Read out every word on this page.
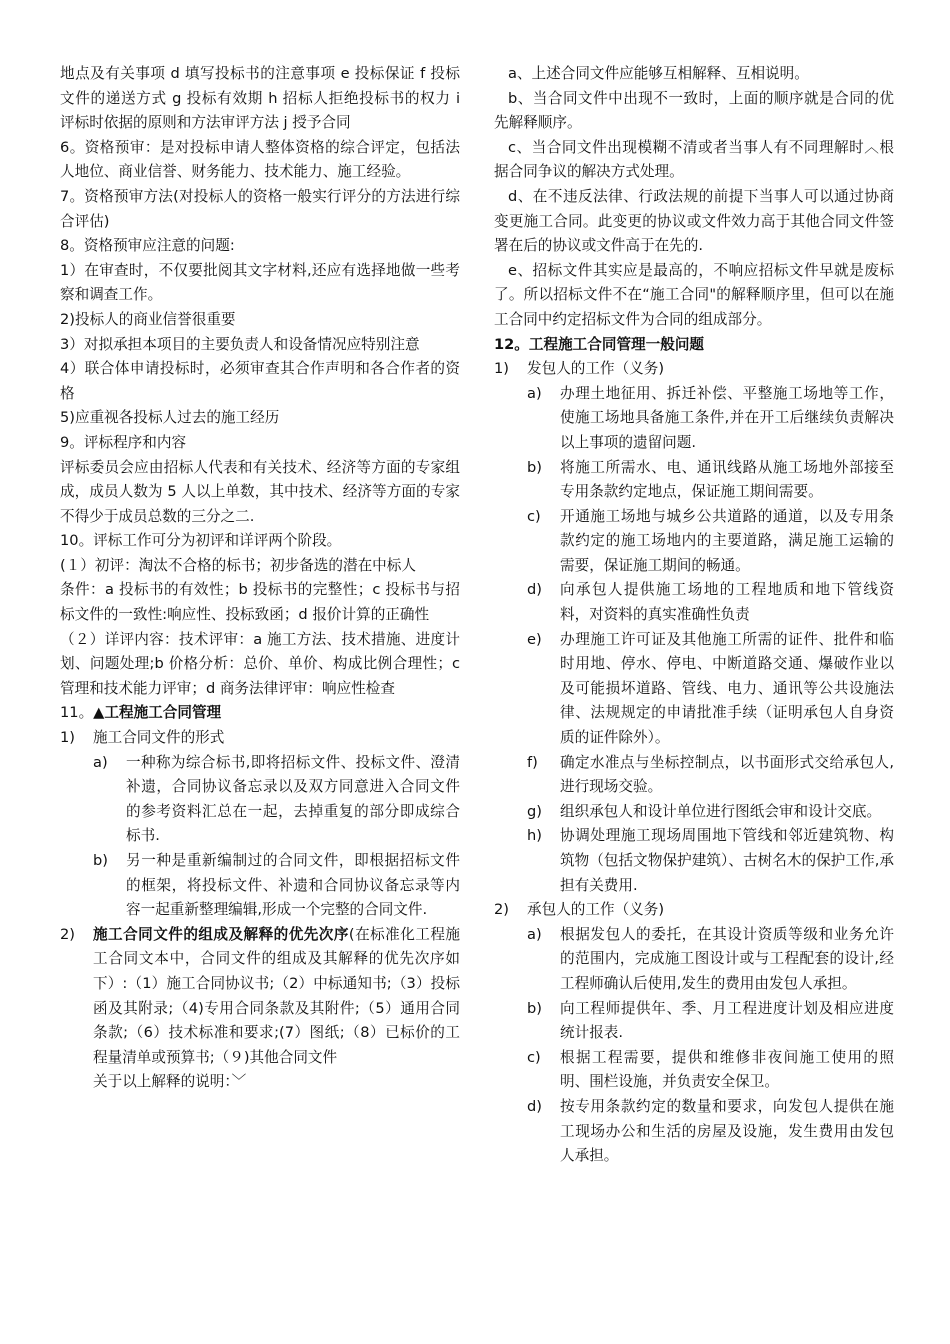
地点及有关事项 d 填写投标书的注意事项 e 投标保证 f 投标文件的递送方式 g 投标有效期 h 招标人拒绝投标书的权力 i 评标时依据的原则和方法审评方法 j 授予合同

6。资格预审：是对投标申请人整体资格的综合评定，包括法人地位、商业信誉、财务能力、技术能力、施工经验。

7。资格预审方法(对投标人的资格一般实行评分的方法进行综合评估)

8。资格预审应注意的问题:

1）在审查时，不仅要批阅其文字材料,还应有选择地做一些考察和调查工作。

2)投标人的商业信誉很重要

3）对拟承担本项目的主要负责人和设备情况应特别注意

4）联合体申请投标时，必须审查其合作声明和各合作者的资格

5)应重视各投标人过去的施工经历

9。评标程序和内容

评标委员会应由招标人代表和有关技术、经济等方面的专家组成，成员人数为 5 人以上单数，其中技术、经济等方面的专家不得少于成员总数的三分之二.

10。评标工作可分为初评和详评两个阶段。

(１）初评：淘汰不合格的标书；初步备选的潜在中标人

条件：a 投标书的有效性；b 投标书的完整性；c 投标书与招标文件的一致性:响应性、投标致函；d 报价计算的正确性

（２）详评内容：技术评审：a 施工方法、技术措施、进度计划、问题处理;b 价格分析：总价、单价、构成比例合理性；c 管理和技术能力评审；d 商务法律评审：响应性检查

11。▲工程施工合同管理

1)	施工合同文件的形式
a)	一种称为综合标书,即将招标文件、投标文件、澄清补遗，合同协议备忘录以及双方同意进入合同文件的参考资料汇总在一起，去掉重复的部分即成综合标书.
b)	另一种是重新编制过的合同文件，即根据招标文件的框架，将投标文件、补遗和合同协议备忘录等内容一起重新整理编辑,形成一个完整的合同文件.
2)	施工合同文件的组成及解释的优先次序(在标准化工程施工合同文本中，合同文件的组成及其解释的优先次序如下）:（1）施工合同协议书;（2）中标通知书;（3）投标函及其附录;（4)专用合同条款及其附件;（5）通用合同条款;（6）技术标准和要求;(7）图纸;（8）已标价的工程量清单或预算书;（９)其他合同文件
关于以上解释的说明：﹀

a、上述合同文件应能够互相解释、互相说明。

b、当合同文件中出现不一致时，上面的顺序就是合同的优先解释顺序。

c、当合同文件出现模糊不清或者当事人有不同理解时︿根据合同争议的解决方式处理。

d、在不违反法律、行政法规的前提下当事人可以通过协商变更施工合同。此变更的协议或文件效力高于其他合同文件签署在后的协议或文件高于在先的.

e、招标文件其实应是最高的，不响应招标文件早就是废标了。所以招标文件不在“施工合同"的解释顺序里，但可以在施工合同中约定招标文件为合同的组成部分。

12。工程施工合同管理一般问题

1)	发包人的工作（义务)
a)	办理土地征用、拆迁补偿、平整施工场地等工作，使施工场地具备施工条件,并在开工后继续负责解决以上事项的遗留问题.
b)	将施工所需水、电、通讯线路从施工场地外部接至专用条款约定地点，保证施工期间需要。
c)	开通施工场地与城乡公共道路的通道，以及专用条款约定的施工场地内的主要道路，满足施工运输的需要，保证施工期间的畅通。
d)	向承包人提供施工场地的工程地质和地下管线资料，对资料的真实准确性负责
e)	办理施工许可证及其他施工所需的证件、批件和临时用地、停水、停电、中断道路交通、爆破作业以及可能损坏道路、管线、电力、通讯等公共设施法律、法规规定的申请批准手续（证明承包人自身资质的证件除外）。
f)	确定水准点与坐标控制点，以书面形式交给承包人,进行现场交验。
g)	组织承包人和设计单位进行图纸会审和设计交底。
h)	协调处理施工现场周围地下管线和邻近建筑物、构筑物（包括文物保护建筑）、古树名木的保护工作,承担有关费用.
2)	承包人的工作（义务)
a)	根据发包人的委托，在其设计资质等级和业务允许的范围内，完成施工图设计或与工程配套的设计,经工程师确认后使用,发生的费用由发包人承担。
b)	向工程师提供年、季、月工程进度计划及相应进度统计报表.
c)	根据工程需要，提供和维修非夜间施工使用的照明、围栏设施，并负责安全保卫。
d)	按专用条款约定的数量和要求，向发包人提供在施工现场办公和生活的房屋及设施，发生费用由发包人承担。
